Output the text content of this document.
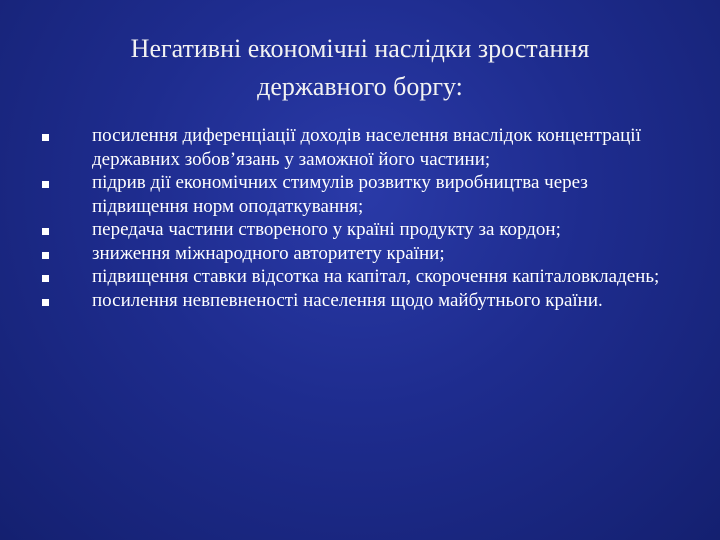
Негативні економічні наслідки зростання
державного боргу:
посилення диференціації доходів населення внаслідок концентрації державних зобов’язань у заможної його частини;
підрив дії економічних стимулів розвитку виробництва через підвищення норм оподаткування;
передача частини створеного у країні продукту за кордон;
зниження міжнародного авторитету країни;
підвищення ставки відсотка на капітал, скорочення капіталовкладень;
посилення невпевненості населення щодо майбутнього країни.
